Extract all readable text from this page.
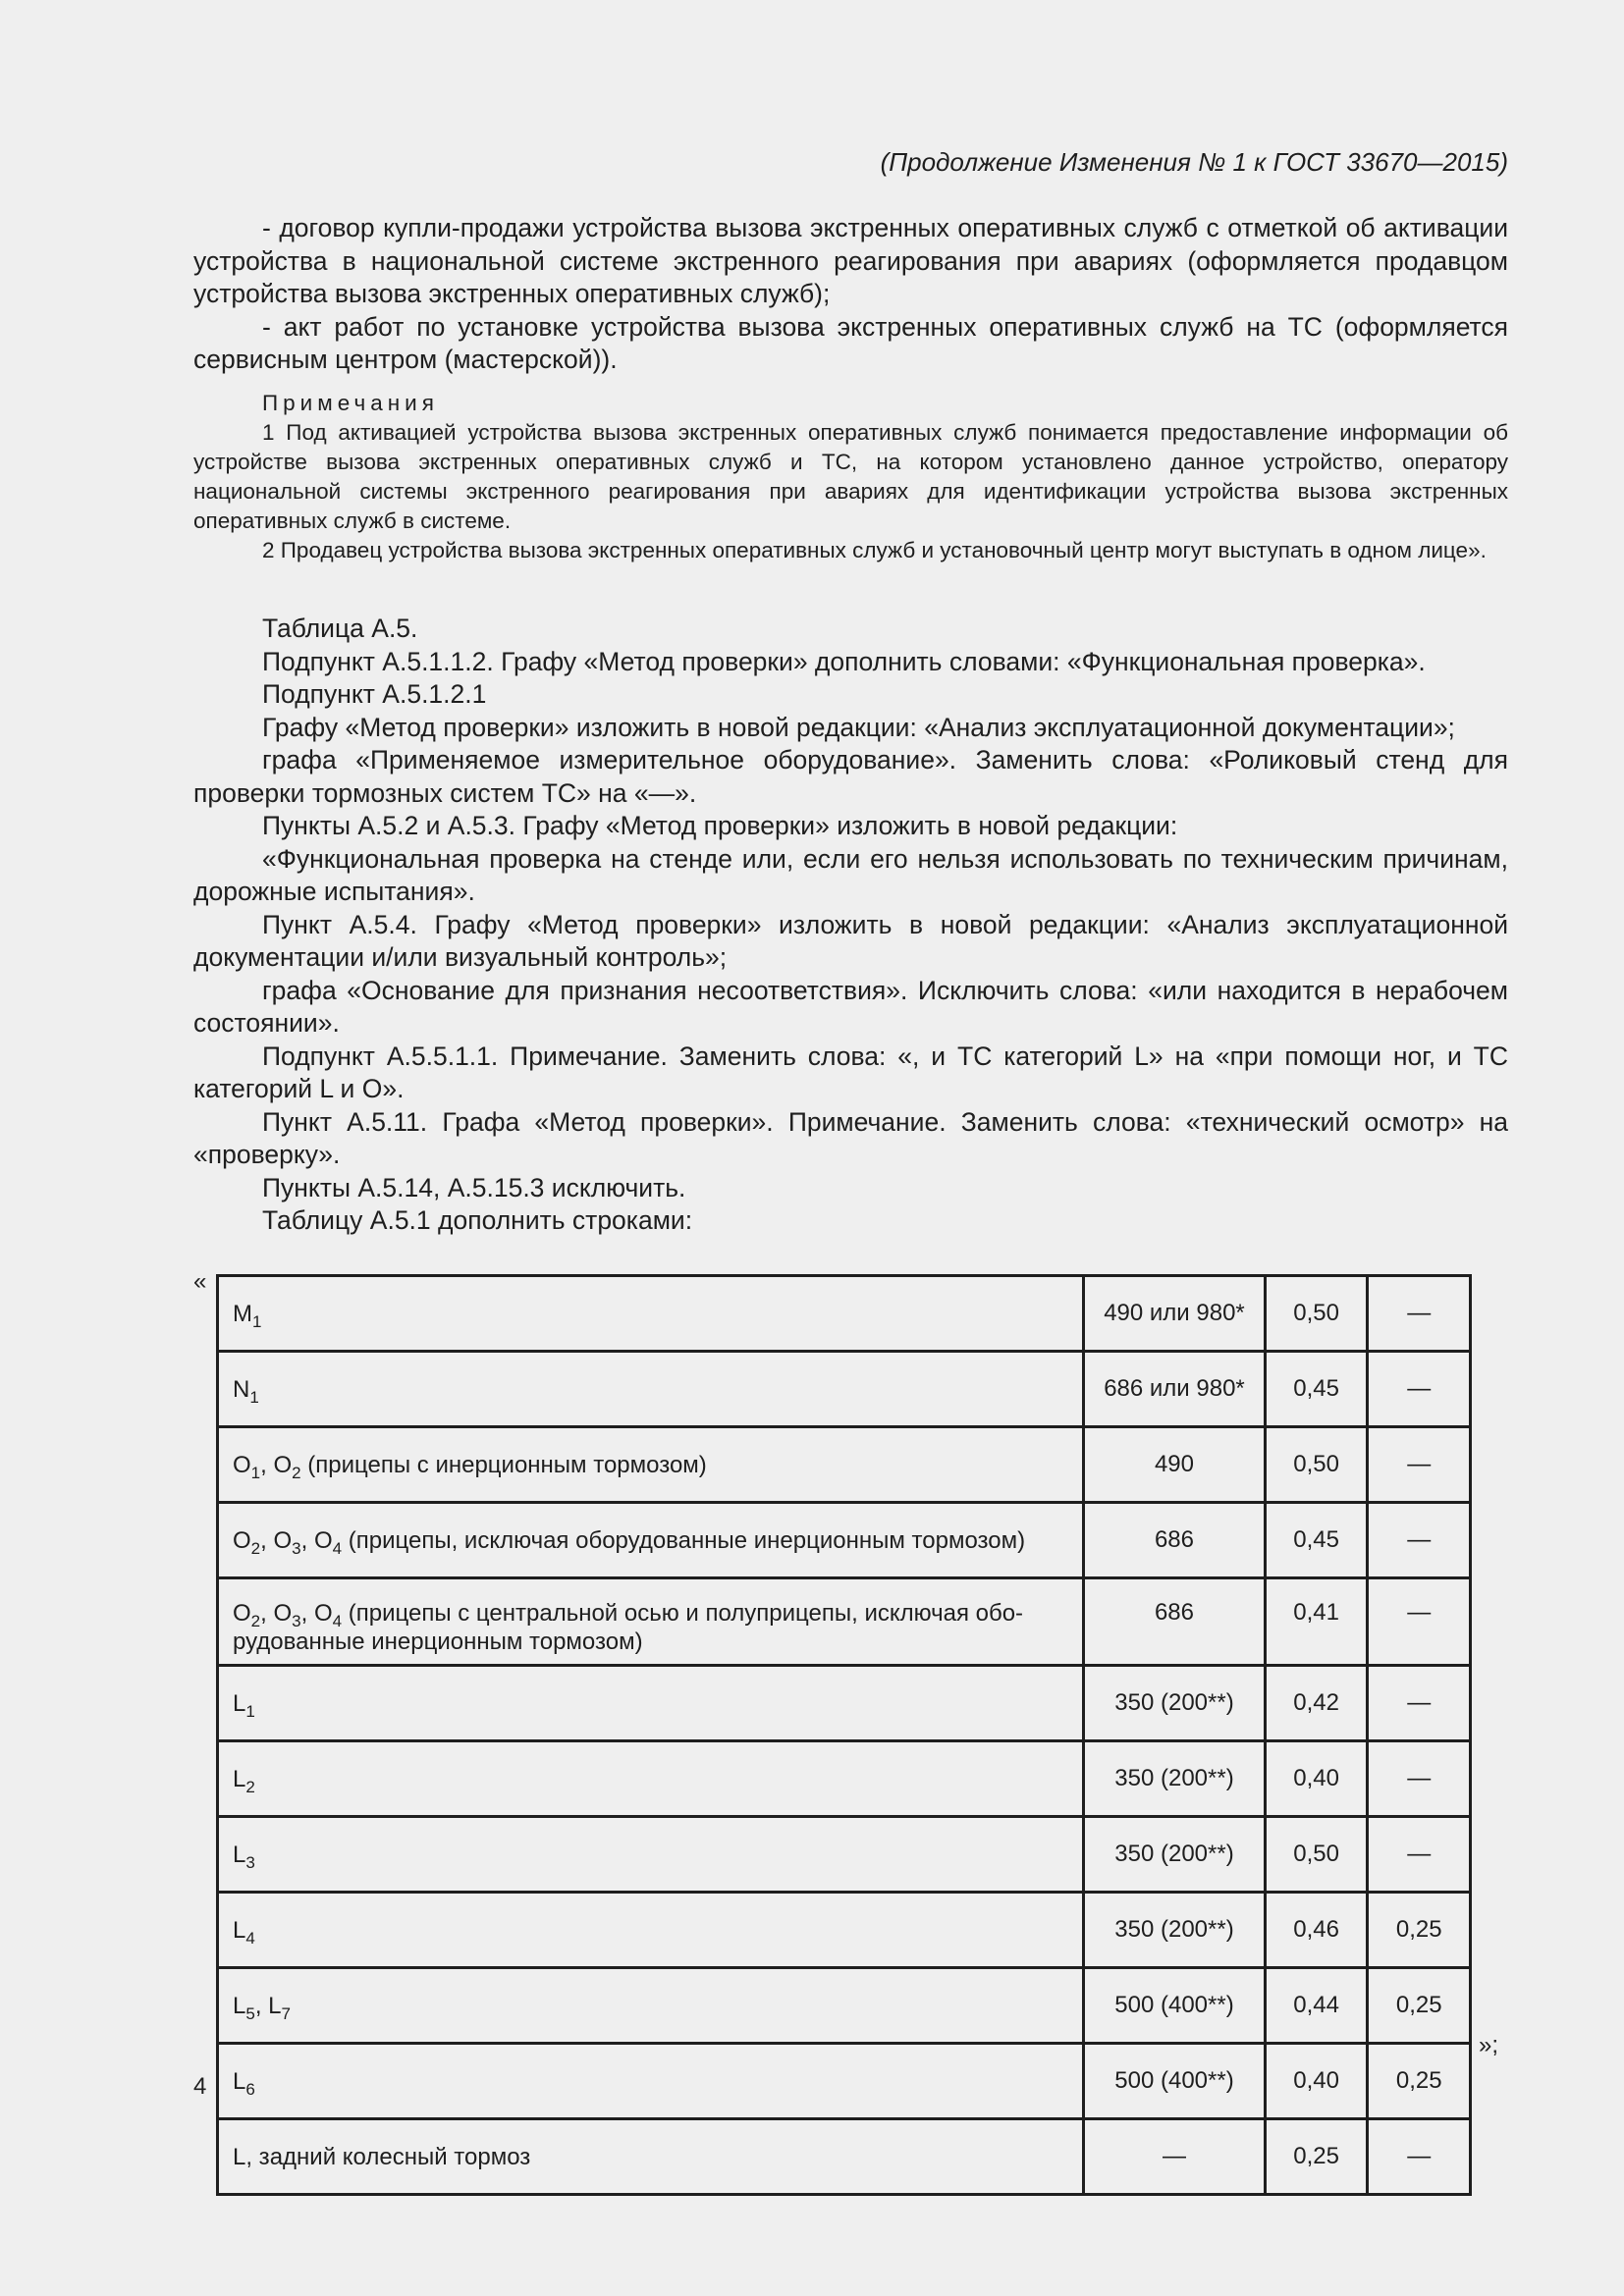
(Продолжение Изменения № 1 к ГОСТ 33670—2015)

- договор купли-продажи устройства вызова экстренных оперативных служб с отметкой об активации устройства в национальной системе экстренного реагирования при авариях (оформляется продавцом устройства вызова экстренных оперативных служб);

- акт работ по установке устройства вызова экстренных оперативных служб на ТС (оформляется сервисным центром (мастерской)).

Примечания

1 Под активацией устройства вызова экстренных оперативных служб понимается предоставление информации об устройстве вызова экстренных оперативных служб и ТС, на котором установлено данное устройство, оператору национальной системы экстренного реагирования при авариях для идентификации устройства вызова экстренных оперативных служб в системе.

2 Продавец устройства вызова экстренных оперативных служб и установочный центр могут выступать в одном лице».

Таблица А.5.

Подпункт А.5.1.1.2. Графу «Метод проверки» дополнить словами: «Функциональная проверка».

Подпункт А.5.1.2.1

Графу «Метод проверки» изложить в новой редакции: «Анализ эксплуатационной документации»;

графа «Применяемое измерительное оборудование». Заменить слова: «Роликовый стенд для проверки тормозных систем ТС» на «—».

Пункты А.5.2 и А.5.3. Графу «Метод проверки» изложить в новой редакции:

«Функциональная проверка на стенде или, если его нельзя использовать по техническим причинам, дорожные испытания».

Пункт А.5.4. Графу «Метод проверки» изложить в новой редакции: «Анализ эксплуатационной документации и/или визуальный контроль»;

графа «Основание для признания несоответствия». Исключить слова: «или находится в нерабочем состоянии».

Подпункт А.5.5.1.1. Примечание. Заменить слова: «, и ТС категорий L» на «при помощи ног, и ТС категорий L и О».

Пункт А.5.11. Графа «Метод проверки». Примечание. Заменить слова: «технический осмотр» на «проверку».

Пункты А.5.14, А.5.15.3 исключить.

Таблицу А.5.1 дополнить строками:

«
$M_1$	490 или 980*	0,50	—
$N_1$	686 или 980*	0,45	—
$O_1$, $O_2$ (прицепы с инерционным тормозом)	490	0,50	—
$O_2$, $O_3$, $O_4$ (прицепы, исключая оборудованные инерционным тормозом)	686	0,45	—
$O_2$, $O_3$, $O_4$ (прицепы с центральной осью и полуприцепы, исключая обо-рудованные инерционным тормозом)	686	0,41	—
$L_1$	350 (200**)	0,42	—
$L_2$	350 (200**)	0,40	—
$L_3$	350 (200**)	0,50	—
$L_4$	350 (200**)	0,46	0,25
$L_5$, $L_7$	500 (400**)	0,44	0,25
$L_6$	500 (400**)	0,40	0,25
L, задний колесный тормоз	—	0,25	—
»;
4
